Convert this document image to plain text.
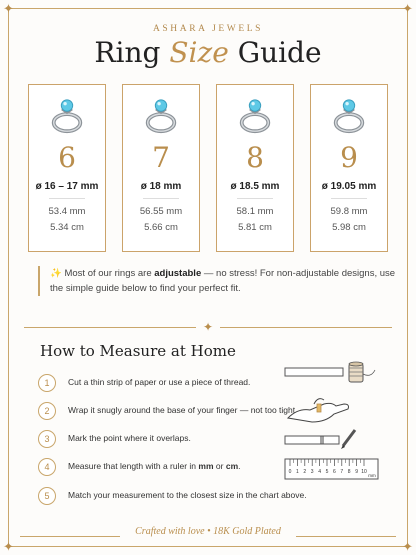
✦	✦
✦	✦
ASHARA JEWELS
Ring Size Guide
6
ø 16 – 17 mm
53.4 mm
5.34 cm
7
ø 18 mm
56.55 mm
5.66 cm
8
ø 18.5 mm
58.1 mm
5.81 cm
9
ø 19.05 mm
59.8 mm
5.98 cm
✨ Most of our rings are adjustable — no stress! For non-adjustable designs, use the simple guide below to find your perfect fit.
✦
How to Measure at Home
1	Cut a thin strip of paper or use a piece of thread.
2	Wrap it snugly around the base of your finger — not too tight.
3	Mark the point where it overlaps.
4	Measure that length with a ruler in mm or cm.
5	Match your measurement to the closest size in the chart above.
0 1 2 3 4 5 6 7 8 9 10
mm
Crafted with love • 18K Gold Plated
